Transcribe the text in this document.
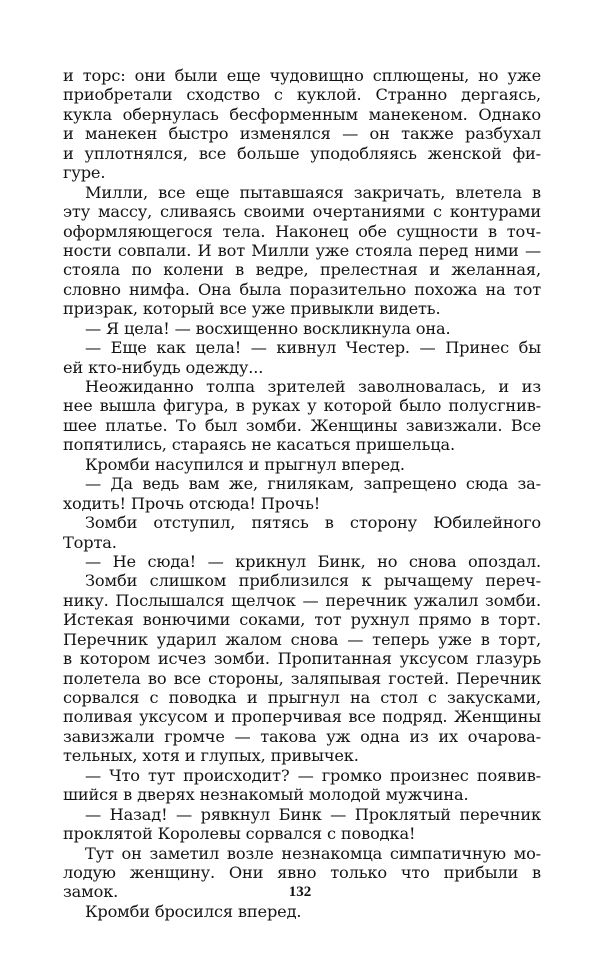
и торс: они были еще чудовищно сплющены, но уже
приобретали сходство с куклой. Странно дергаясь,
кукла обернулась бесформенным манекеном. Однако
и манекен быстро изменялся — он также разбухал
и уплотнялся, все больше уподобляясь женской фи-
гуре.
Милли, все еще пытавшаяся закричать, влетела в
эту массу, сливаясь своими очертаниями с контурами
оформляющегося тела. Наконец обе сущности в точ-
ности совпали. И вот Милли уже стояла перед ними —
стояла по колени в ведре, прелестная и желанная,
словно нимфа. Она была поразительно похожа на тот
призрак, который все уже привыкли видеть.
— Я цела! — восхищенно воскликнула она.
— Еще как цела! — кивнул Честер. — Принес бы
ей кто-нибудь одежду...
Неожиданно толпа зрителей заволновалась, и из
нее вышла фигура, в руках у которой было полусгнив-
шее платье. То был зомби. Женщины завизжали. Все
попятились, стараясь не касаться пришельца.
Кромби насупился и прыгнул вперед.
— Да ведь вам же, гнилякам, запрещено сюда за-
ходить! Прочь отсюда! Прочь!
Зомби отступил, пятясь в сторону Юбилейного
Торта.
— Не сюда! — крикнул Бинк, но снова опоздал.
Зомби слишком приблизился к рычащему переч-
нику. Послышался щелчок — перечник ужалил зомби.
Истекая вонючими соками, тот рухнул прямо в торт.
Перечник ударил жалом снова — теперь уже в торт,
в котором исчез зомби. Пропитанная уксусом глазурь
полетела во все стороны, заляпывая гостей. Перечник
сорвался с поводка и прыгнул на стол с закусками,
поливая уксусом и проперчивая все подряд. Женщины
завизжали громче — такова уж одна из их очарова-
тельных, хотя и глупых, привычек.
— Что тут происходит? — громко произнес появив-
шийся в дверях незнакомый молодой мужчина.
— Назад! — рявкнул Бинк — Проклятый перечник
проклятой Королевы сорвался с поводка!
Тут он заметил возле незнакомца симпатичную мо-
лодую женщину. Они явно только что прибыли в
замок.
Кромби бросился вперед.
132
